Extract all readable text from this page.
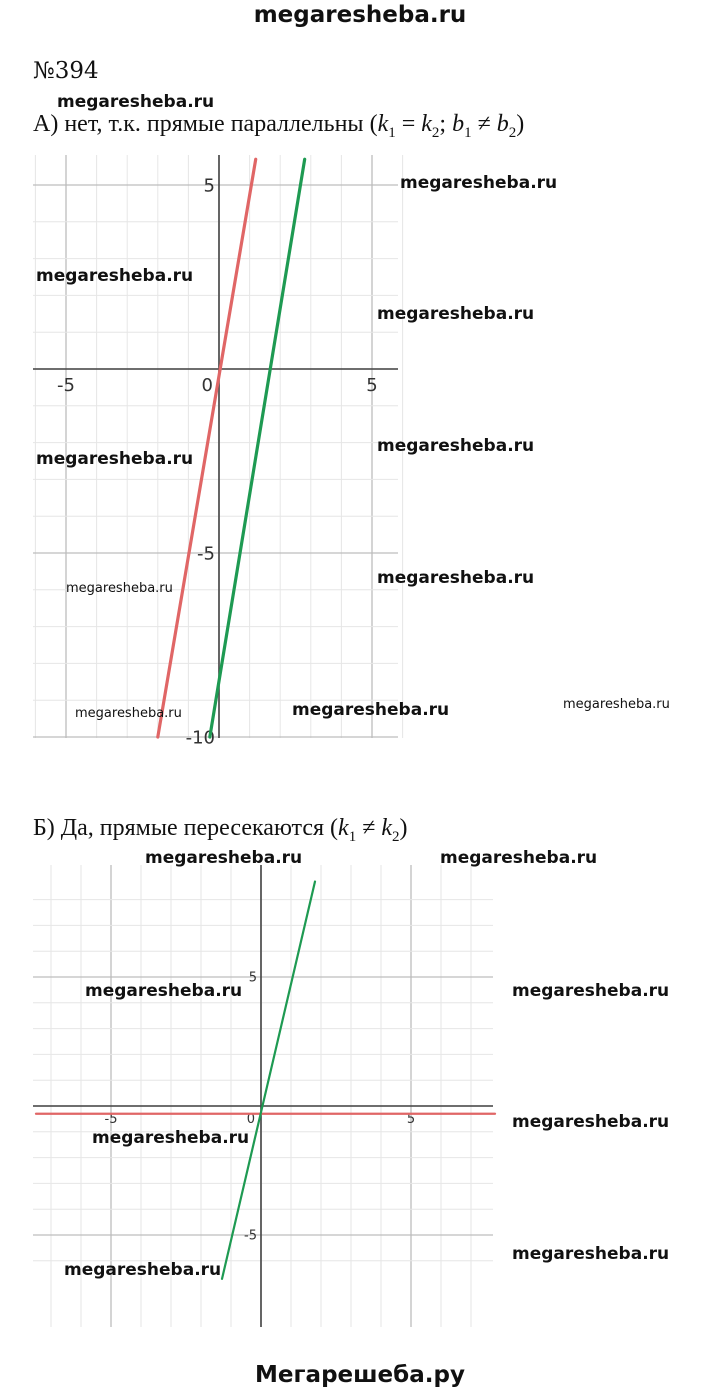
megaresheba.ru
№394
А) нет, т.к. прямые параллельны ($k_1 = k_2$; $b_1 \ne b_2$)
-5	0	5
5
-5
-10
Б) Да, прямые пересекаются $(k_1 \ne k_2)$
-5	0	5
5
-5
megaresheba.ru
megaresheba.ru
megaresheba.ru
megaresheba.ru
megaresheba.ru
megaresheba.ru
megaresheba.ru
megaresheba.ru
megaresheba.ru	megaresheba.ru
megaresheba.ru	megaresheba.ru
megaresheba.ru
megaresheba.ru
megaresheba.ru
megaresheba.ru
megaresheba.ru
megaresheba.ru
megaresheba.ru
Мегарешеба.ру
